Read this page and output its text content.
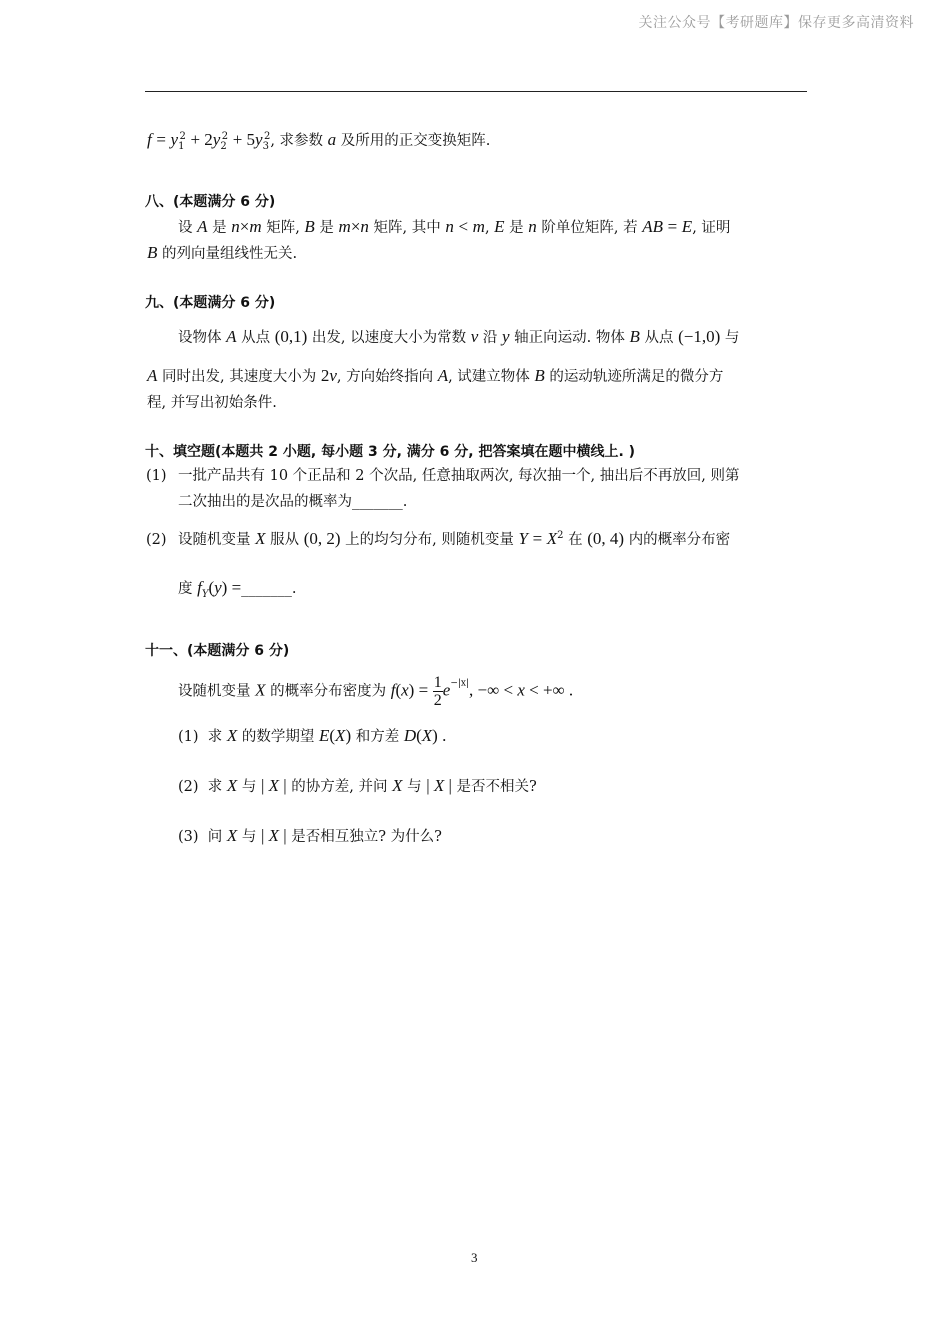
关注公众号【考研题库】保存更多高清资料
$f = y_1^2 + 2y_2^2 + 5y_3^2$, 求参数 a 及所用的正交变换矩阵.
八、(本题满分 6 分)
设 A 是 n×m 矩阵, B 是 m×n 矩阵, 其中 n < m, E 是 n 阶单位矩阵, 若 AB = E, 证明
B 的列向量组线性无关.
九、(本题满分 6 分)
设物体 A 从点 (0,1) 出发, 以速度大小为常数 v 沿 y 轴正向运动. 物体 B 从点 (−1,0) 与
A 同时出发, 其速度大小为 2v, 方向始终指向 A, 试建立物体 B 的运动轨迹所满足的微分方
程, 并写出初始条件.
十、填空题(本题共 2 小题, 每小题 3 分, 满分 6 分, 把答案填在题中横线上. )
(1) 一批产品共有 10 个正品和 2 个次品, 任意抽取两次, 每次抽一个, 抽出后不再放回, 则第
二次抽出的是次品的概率为_______.
(2) 设随机变量 X 服从 (0, 2) 上的均匀分布, 则随机变量 $Y = X^2$ 在 (0, 4) 内的概率分布密
度 $f_Y(y)$ =_______.
十一、(本题满分 6 分)
设随机变量 X 的概率分布密度为 $f(x) = \frac{1}{2} e^{-|x|}$, −∞ < x < +∞ .
(1) 求 X 的数学期望 E(X) 和方差 D(X) .
(2) 求 X 与 | X | 的协方差, 并问 X 与 | X | 是否不相关?
(3) 问 X 与 | X | 是否相互独立? 为什么?
3
